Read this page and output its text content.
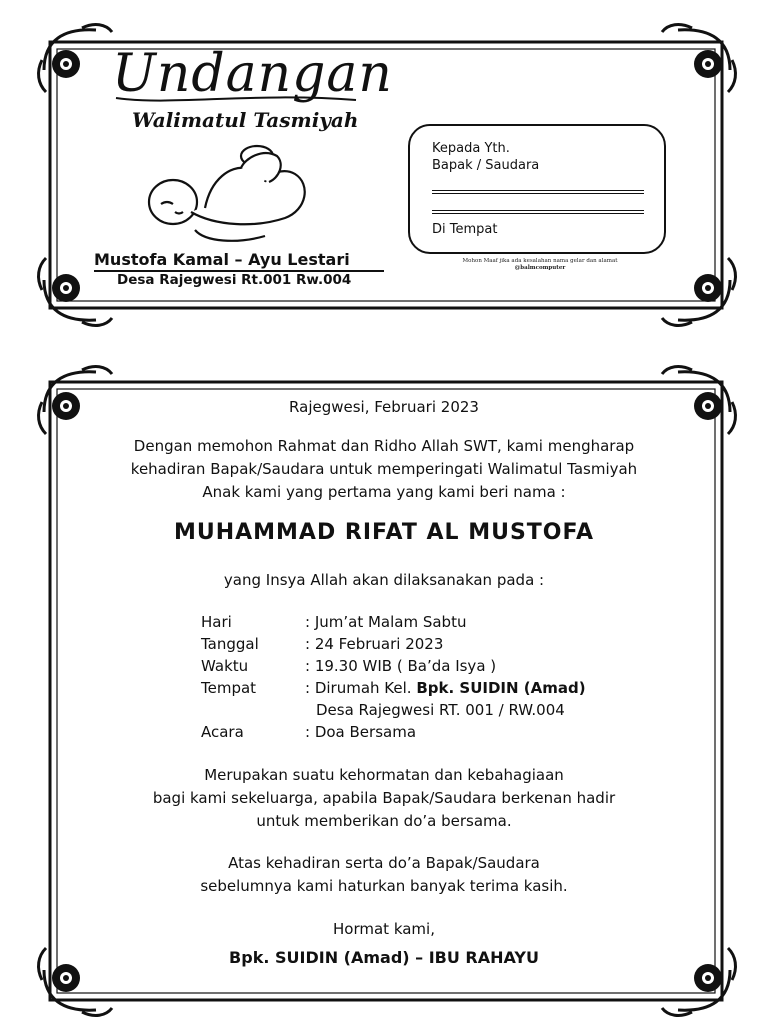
Undangan
Walimatul Tasmiyah
Mustofa Kamal – Ayu Lestari
Desa Rajegwesi Rt.001 Rw.004
Kepada Yth.
Bapak / Saudara
Di Tempat
Mohon Maaf jika ada kesalahan nama gelar dan alamat
@balmcomputer
Rajegwesi, Februari 2023
Dengan memohon Rahmat dan Ridho Allah SWT, kami mengharap
kehadiran Bapak/Saudara untuk memperingati Walimatul Tasmiyah
Anak kami yang pertama yang kami beri nama :
MUHAMMAD RIFAT AL MUSTOFA
yang Insya Allah akan dilaksanakan pada :
Hari	: Jum’at Malam Sabtu
Tanggal	: 24 Februari 2023
Waktu	: 19.30 WIB ( Ba’da Isya )
Tempat	: Dirumah Kel. Bpk. SUIDIN (Amad)
Desa Rajegwesi RT. 001 / RW.004
Acara	: Doa Bersama
Merupakan suatu kehormatan dan kebahagiaan
bagi kami sekeluarga, apabila Bapak/Saudara berkenan hadir
untuk memberikan do’a bersama.
Atas kehadiran serta do’a Bapak/Saudara
sebelumnya kami haturkan banyak terima kasih.
Hormat kami,
Bpk. SUIDIN (Amad) – IBU RAHAYU
